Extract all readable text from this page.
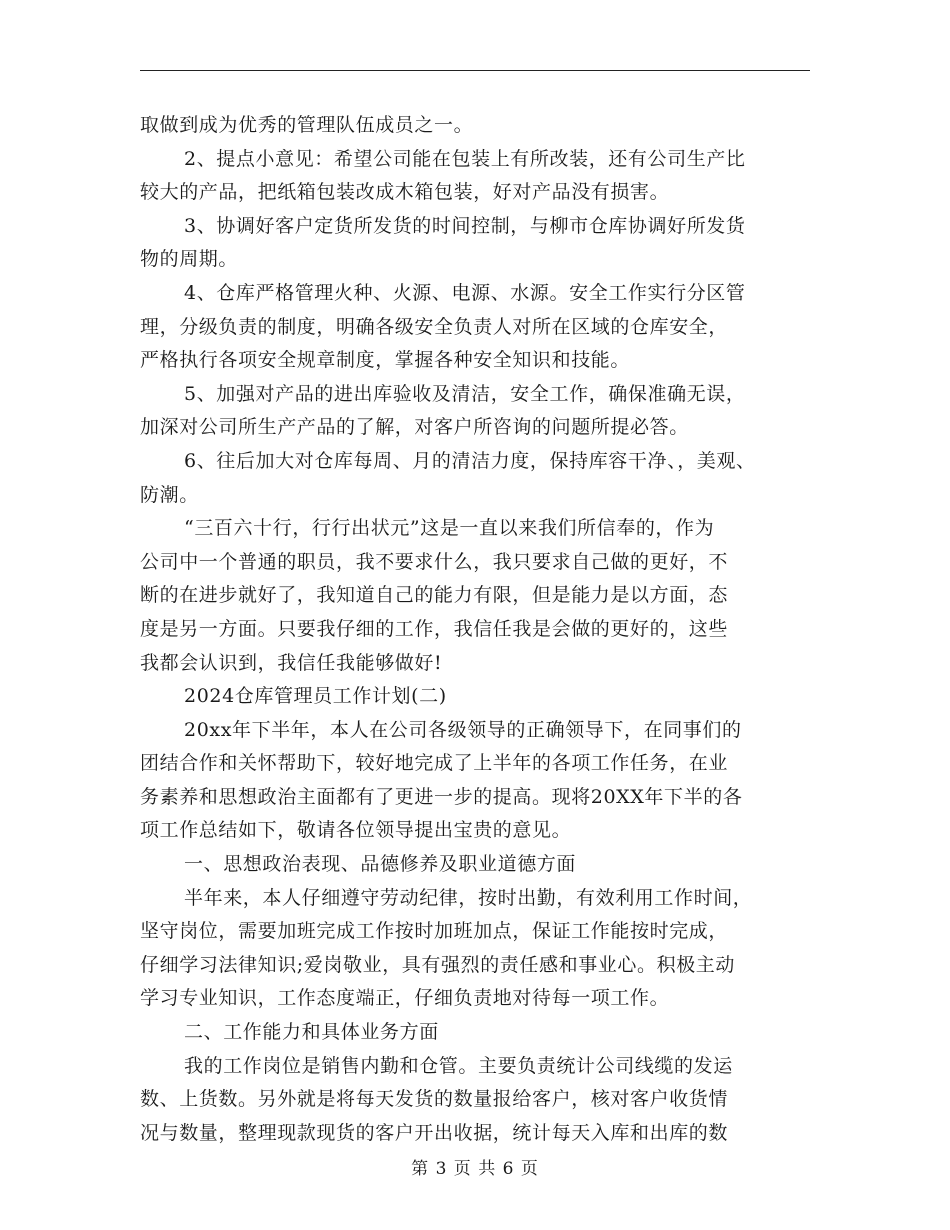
取做到成为优秀的管理队伍成员之一。
2、提点小意见：希望公司能在包装上有所改装，还有公司生产比
较大的产品，把纸箱包装改成木箱包装，好对产品没有损害。
3、协调好客户定货所发货的时间控制，与柳市仓库协调好所发货
物的周期。
4、仓库严格管理火种、火源、电源、水源。安全工作实行分区管
理，分级负责的制度，明确各级安全负责人对所在区域的仓库安全，
严格执行各项安全规章制度，掌握各种安全知识和技能。
5、加强对产品的进出库验收及清洁，安全工作，确保准确无误，
加深对公司所生产产品的了解，对客户所咨询的问题所提必答。
6、往后加大对仓库每周、月的清洁力度，保持库容干净、，美观、
防潮。
“三百六十行，行行出状元”这是一直以来我们所信奉的，作为
公司中一个普通的职员，我不要求什么，我只要求自己做的更好，不
断的在进步就好了，我知道自己的能力有限，但是能力是以方面，态
度是另一方面。只要我仔细的工作，我信任我是会做的更好的，这些
我都会认识到，我信任我能够做好!
2024仓库管理员工作计划(二)
20xx年下半年，本人在公司各级领导的正确领导下，在同事们的
团结合作和关怀帮助下，较好地完成了上半年的各项工作任务，在业
务素养和思想政治主面都有了更进一步的提高。现将20XX年下半的各
项工作总结如下，敬请各位领导提出宝贵的意见。
一、思想政治表现、品德修养及职业道德方面
半年来，本人仔细遵守劳动纪律，按时出勤，有效利用工作时间，
坚守岗位，需要加班完成工作按时加班加点，保证工作能按时完成，
仔细学习法律知识;爱岗敬业，具有强烈的责任感和事业心。积极主动
学习专业知识，工作态度端正，仔细负责地对待每一项工作。
二、工作能力和具体业务方面
我的工作岗位是销售内勤和仓管。主要负责统计公司线缆的发运
数、上货数。另外就是将每天发货的数量报给客户，核对客户收货情
况与数量，整理现款现货的客户开出收据，统计每天入库和出库的数
第 3 页 共 6 页
